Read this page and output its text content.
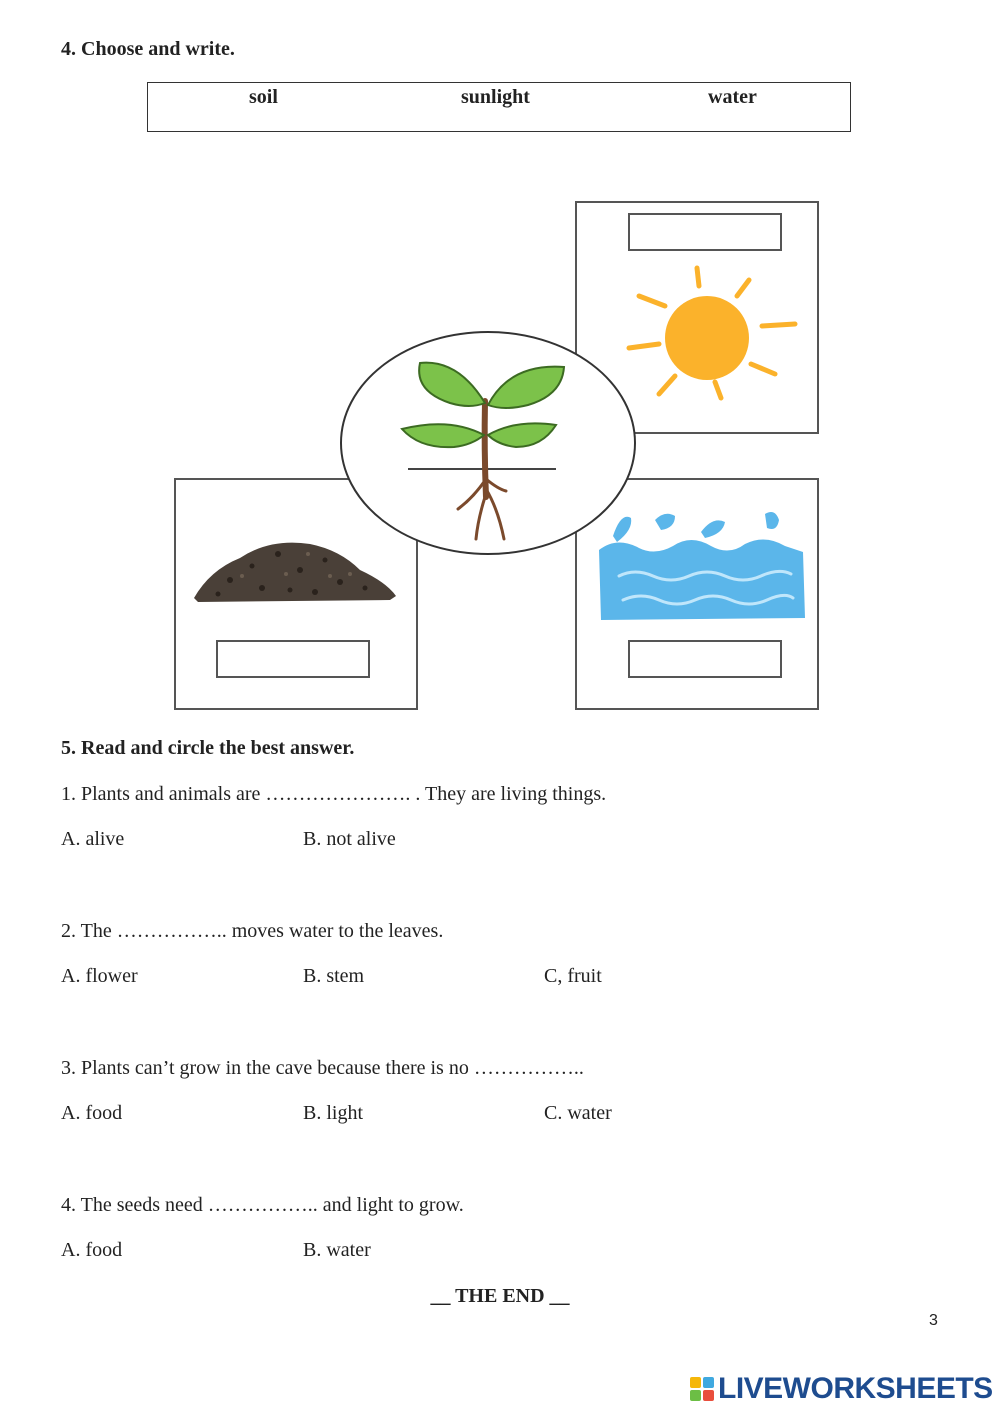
4. Choose and write.
soil	sunlight	water
5. Read and circle the best answer.
1. Plants and animals are …………………. . They are living things.
A. alive	B. not alive
2. The …………….. moves water to the leaves.
A. flower	B. stem	C, fruit
3. Plants can’t grow in the cave because there is no ……………..
A. food	B. light	C. water
4. The seeds need …………….. and light to grow.
A. food	B. water
__ THE END __
3
LIVEWORKSHEETS
